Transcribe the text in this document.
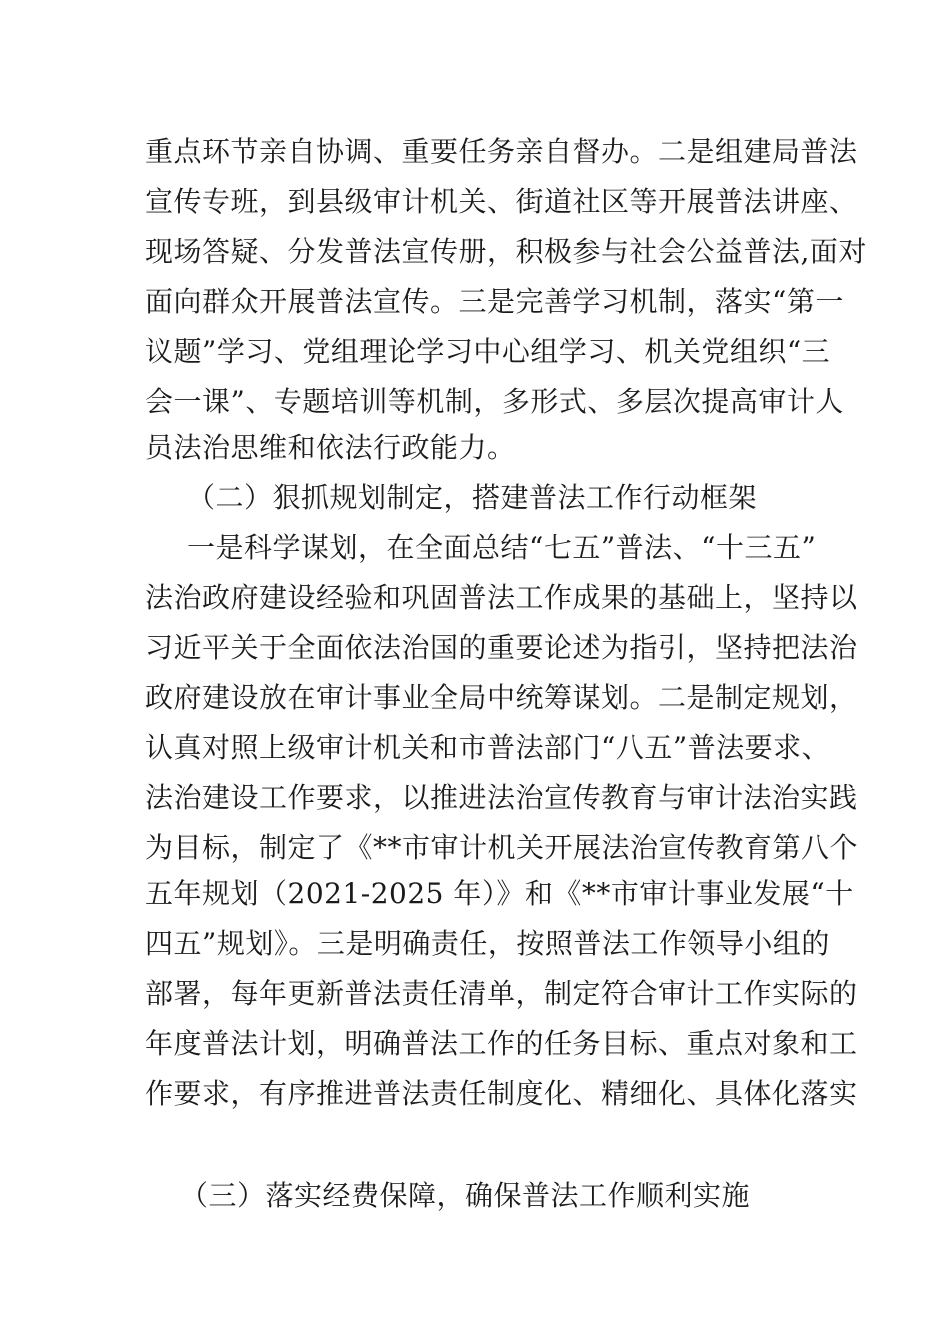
重点环节亲自协调、重要任务亲自督办。二是组建局普法
宣传专班，到县级审计机关、街道社区等开展普法讲座、
现场答疑、分发普法宣传册，积极参与社会公益普法,面对
面向群众开展普法宣传。三是完善学习机制，落实“第一
议题”学习、党组理论学习中心组学习、机关党组织“三
会一课”、专题培训等机制，多形式、多层次提高审计人
员法治思维和依法行政能力。
（二）狠抓规划制定，搭建普法工作行动框架
一是科学谋划，在全面总结“七五”普法、“十三五”
法治政府建设经验和巩固普法工作成果的基础上，坚持以
习近平关于全面依法治国的重要论述为指引，坚持把法治
政府建设放在审计事业全局中统筹谋划。二是制定规划，
认真对照上级审计机关和市普法部门“八五”普法要求、
法治建设工作要求，以推进法治宣传教育与审计法治实践
为目标，制定了《**市审计机关开展法治宣传教育第八个
五年规划（2021-2025 年）》和《**市审计事业发展“十
四五”规划》。三是明确责任，按照普法工作领导小组的
部署，每年更新普法责任清单，制定符合审计工作实际的
年度普法计划，明确普法工作的任务目标、重点对象和工
作要求，有序推进普法责任制度化、精细化、具体化落实
（三）落实经费保障，确保普法工作顺利实施
